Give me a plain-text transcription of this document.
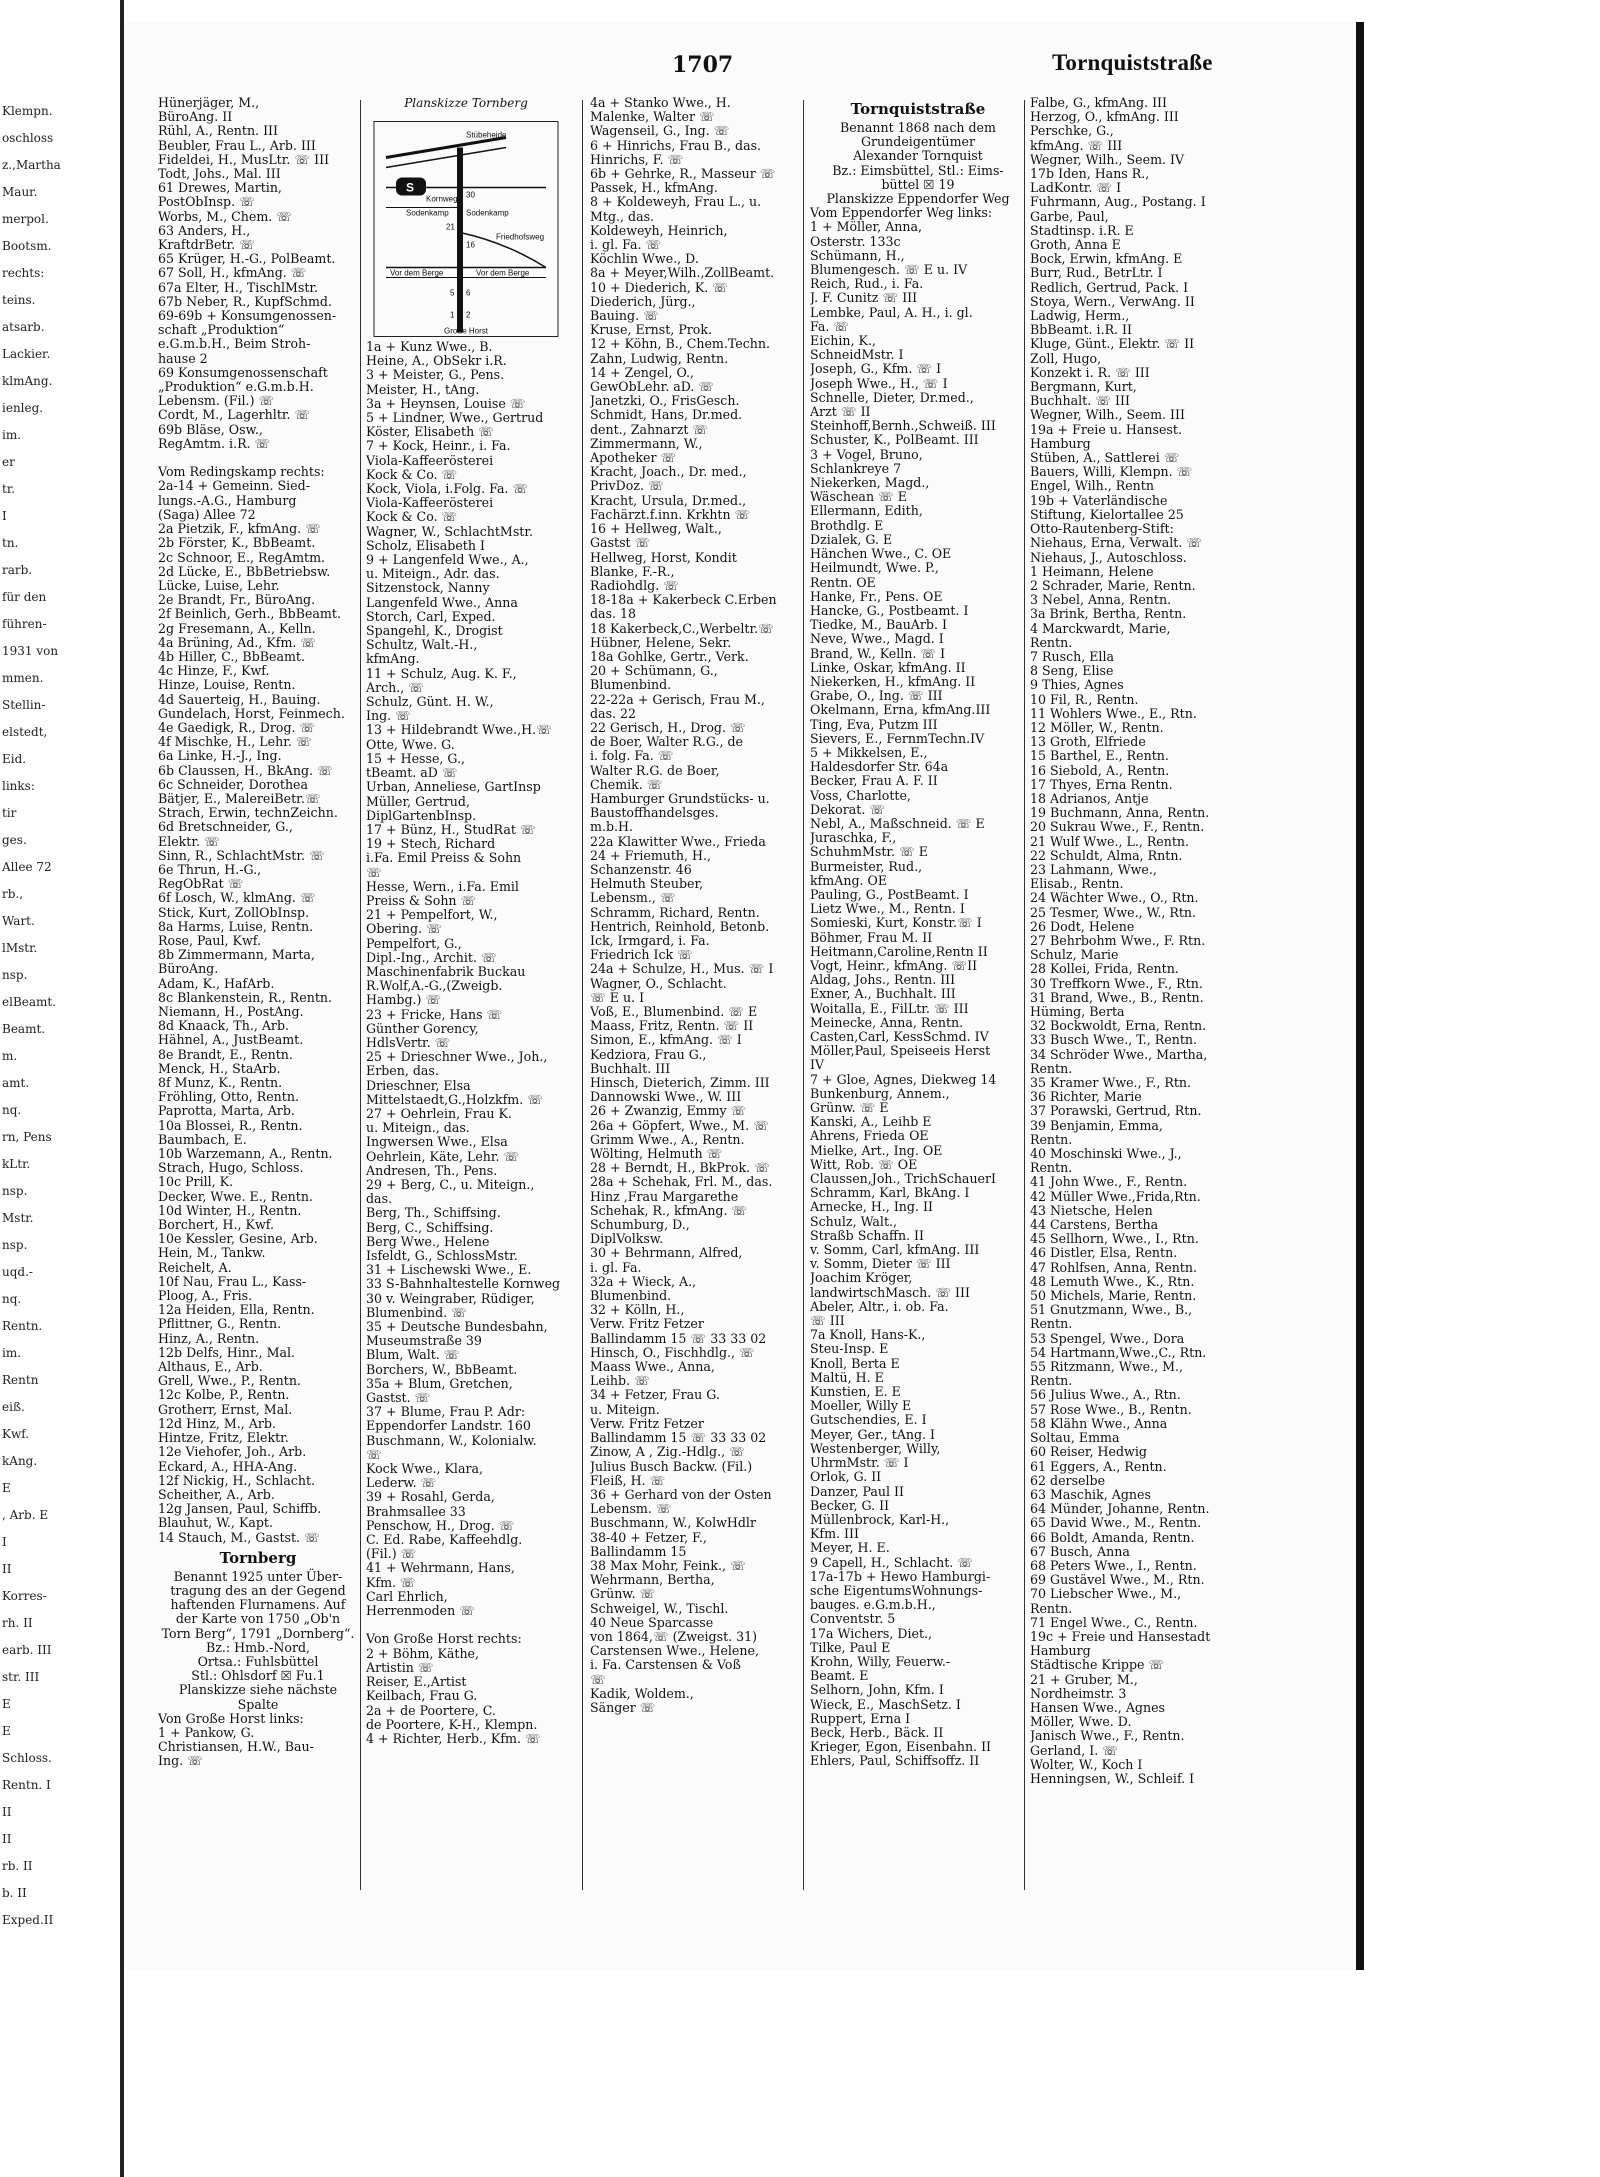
Klempn.
oschloss
z.,Martha
Maur.
merpol.
Bootsm.
rechts:
teins.
atsarb.
Lackier.
klmAng.
ienleg.
im.
er
tr.
I
tn.
rarb.
für den
führen-
1931 von
mmen.
Stellin-
elstedt,
Eid.
links:
tir
ges.
Allee 72
rb.,
Wart.
lMstr.
nsp.
elBeamt.
Beamt.
m.
amt.
nq.
rn, Pens
kLtr.
nsp.
Mstr.
nsp.
uqd.-
nq.
Rentn.
im.
Rentn
eiß.
Kwf.
kAng.
E
, Arb. E
I
II
Korres-
rh. II
earb. III
str. III
E
E
Schloss.
Rentn. I
II
II
rb. II
b. II
Exped.II
1707	Tornquiststraße

Hünerjäger, M.,

BüroAng. II

Rühl, A., Rentn. III

Beubler, Frau L., Arb. III

Fideldei, H., MusLtr. ☏ III

Todt, Johs., Mal. III

61 Drewes, Martin,

PostObInsp. ☏

Worbs, M., Chem. ☏

63 Anders, H.,

KraftdrBetr. ☏

65 Krüger, H.-G., PolBeamt.

67 Soll, H., kfmAng. ☏

67a Elter, H., TischlMstr.

67b Neber, R., KupfSchmd.

69-69b + Konsumgenossen-

schaft „Produktion“

e.G.m.b.H., Beim Stroh-

hause 2

69 Konsumgenossenschaft

„Produktion“ e.G.m.b.H.

Lebensm. (Fil.) ☏

Cordt, M., Lagerhltr. ☏

69b Bläse, Osw.,

RegAmtm. i.R. ☏

Vom Redingskamp rechts:

2a-14 + Gemeinn. Sied-

lungs.-A.G., Hamburg

(Saga) Allee 72

2a Pietzik, F., kfmAng. ☏

2b Förster, K., BbBeamt.

2c Schnoor, E., RegAmtm.

2d Lücke, E., BbBetriebsw.

Lücke, Luise, Lehr.

2e Brandt, Fr., BüroAng.

2f Beinlich, Gerh., BbBeamt.

2g Fresemann, A., Kelln.

4a Brüning, Ad., Kfm. ☏

4b Hiller, C., BbBeamt.

4c Hinze, F., Kwf.

Hinze, Louise, Rentn.

4d Sauerteig, H., Bauing.

Gundelach, Horst, Feinmech.

4e Gaedigk, R., Drog. ☏

4f Mischke, H., Lehr. ☏

6a Linke, H.-J., Ing.

6b Claussen, H., BkAng. ☏

6c Schneider, Dorothea

Bätjer, E., MalereiBetr.☏

Strach, Erwin, technZeichn.

6d Bretschneider, G.,

Elektr. ☏

Sinn, R., SchlachtMstr. ☏

6e Thrun, H.-G.,

RegObRat ☏

6f Losch, W., klmAng. ☏

Stick, Kurt, ZollObInsp.

8a Harms, Luise, Rentn.

Rose, Paul, Kwf.

8b Zimmermann, Marta,

BüroAng.

Adam, K., HafArb.

8c Blankenstein, R., Rentn.

Niemann, H., PostAng.

8d Knaack, Th., Arb.

Hähnel, A., JustBeamt.

8e Brandt, E., Rentn.

Menck, H., StaArb.

8f Munz, K., Rentn.

Fröhling, Otto, Rentn.

Paprotta, Marta, Arb.

10a Blossei, R., Rentn.

Baumbach, E.

10b Warzemann, A., Rentn.

Strach, Hugo, Schloss.

10c Prill, K.

Decker, Wwe. E., Rentn.

10d Winter, H., Rentn.

Borchert, H., Kwf.

10e Kessler, Gesine, Arb.

Hein, M., Tankw.

Reichelt, A.

10f Nau, Frau L., Kass-

Ploog, A., Fris.

12a Heiden, Ella, Rentn.

Pflittner, G., Rentn.

Hinz, A., Rentn.

12b Delfs, Hinr., Mal.

Althaus, E., Arb.

Grell, Wwe., P., Rentn.

12c Kolbe, P., Rentn.

Grotherr, Ernst, Mal.

12d Hinz, M., Arb.

Hintze, Fritz, Elektr.

12e Viehofer, Joh., Arb.

Eckard, A., HHA-Ang.

12f Nickig, H., Schlacht.

Scheither, A., Arb.

12g Jansen, Paul, Schiffb.

Blauhut, W., Kapt.

14 Stauch, M., Gastst. ☏

Tornberg

Benannt 1925 unter Über-

tragung des an der Gegend

haftenden Flurnamens. Auf

der Karte von 1750 „Ob'n

Torn Berg“, 1791 „Dornberg“.

Bz.: Hmb.-Nord,

Ortsa.: Fuhlsbüttel

Stl.: Ohlsdorf ☒ Fu.1

Planskizze siehe nächste

Spalte

Von Große Horst links:

1 + Pankow, G.

Christiansen, H.W., Bau-

Ing. ☏

Planskizze Tornberg

Stübeheide
S
Kornweg
Sodenkamp Sodenkamp
30
21
Friedhofsweg
16
Vor dem Berge	Vor dem Berge
5 6
1 2
Große Horst

1a + Kunz Wwe., B.

Heine, A., ObSekr i.R.

3 + Meister, G., Pens.

Meister, H., tAng.

3a + Heynsen, Louise ☏

5 + Lindner, Wwe., Gertrud

Köster, Elisabeth ☏

7 + Kock, Heinr., i. Fa.

Viola-Kaffeerösterei

Kock & Co. ☏

Kock, Viola, i.Folg. Fa. ☏

Viola-Kaffeerösterei

Kock & Co. ☏

Wagner, W., SchlachtMstr.

Scholz, Elisabeth I

9 + Langenfeld Wwe., A.,

u. Miteign., Adr. das.

Sitzenstock, Nanny

Langenfeld Wwe., Anna

Storch, Carl, Exped.

Spangehl, K., Drogist

Schultz, Walt.-H.,

kfmAng.

11 + Schulz, Aug. K. F.,

Arch., ☏

Schulz, Günt. H. W.,

Ing. ☏

13 + Hildebrandt Wwe.,H.☏

Otte, Wwe. G.

15 + Hesse, G.,

tBeamt. aD ☏

Urban, Anneliese, GartInsp

Müller, Gertrud,

DiplGartenbInsp.

17 + Bünz, H., StudRat ☏

19 + Stech, Richard

i.Fa. Emil Preiss & Sohn

☏

Hesse, Wern., i.Fa. Emil

Preiss & Sohn ☏

21 + Pempelfort, W.,

Obering. ☏

Pempelfort, G.,

Dipl.-Ing., Archit. ☏

Maschinenfabrik Buckau

R.Wolf,A.-G.,(Zweigb.

Hambg.) ☏

23 + Fricke, Hans ☏

Günther Gorency,

HdlsVertr. ☏

25 + Drieschner Wwe., Joh.,

Erben, das.

Drieschner, Elsa

Mittelstaedt,G.,Holzkfm. ☏

27 + Oehrlein, Frau K.

u. Miteign., das.

Ingwersen Wwe., Elsa

Oehrlein, Käte, Lehr. ☏

Andresen, Th., Pens.

29 + Berg, C., u. Miteign.,

das.

Berg, Th., Schiffsing.

Berg, C., Schiffsing.

Berg Wwe., Helene

Isfeldt, G., SchlossMstr.

31 + Lischewski Wwe., E.

33 S-Bahnhaltestelle Kornweg

30 v. Weingraber, Rüdiger,

Blumenbind. ☏

35 + Deutsche Bundesbahn,

Museumstraße 39

Blum, Walt. ☏

Borchers, W., BbBeamt.

35a + Blum, Gretchen,

Gastst. ☏

37 + Blume, Frau P. Adr:

Eppendorfer Landstr. 160

Buschmann, W., Kolonialw.

☏

Kock Wwe., Klara,

Lederw. ☏

39 + Rosahl, Gerda,

Brahmsallee 33

Penschow, H., Drog. ☏

C. Ed. Rabe, Kaffeehdlg.

(Fil.) ☏

41 + Wehrmann, Hans,

Kfm. ☏

Carl Ehrlich,

Herrenmoden ☏

Von Große Horst rechts:

2 + Böhm, Käthe,

Artistin ☏

Reiser, E.,Artist

Keilbach, Frau G.

2a + de Poortere, C.

de Poortere, K-H., Klempn.

4 + Richter, Herb., Kfm. ☏

4a + Stanko Wwe., H.

Malenke, Walter ☏

Wagenseil, G., Ing. ☏

6 + Hinrichs, Frau B., das.

Hinrichs, F. ☏

6b + Gehrke, R., Masseur ☏

Passek, H., kfmAng.

8 + Koldeweyh, Frau L., u.

Mtg., das.

Koldeweyh, Heinrich,

i. gl. Fa. ☏

Köchlin Wwe., D.

8a + Meyer,Wilh.,ZollBeamt.

10 + Diederich, K. ☏

Diederich, Jürg.,

Bauing. ☏

Kruse, Ernst, Prok.

12 + Köhn, B., Chem.Techn.

Zahn, Ludwig, Rentn.

14 + Zengel, O.,

GewObLehr. aD. ☏

Janetzki, O., FrisGesch.

Schmidt, Hans, Dr.med.

dent., Zahnarzt ☏

Zimmermann, W.,

Apotheker ☏

Kracht, Joach., Dr. med.,

PrivDoz. ☏

Kracht, Ursula, Dr.med.,

Fachärzt.f.inn. Krkhtn ☏

16 + Hellweg, Walt.,

Gastst ☏

Hellweg, Horst, Kondit

Blanke, F.-R.,

Radiohdlg. ☏

18-18a + Kakerbeck C.Erben

das. 18

18 Kakerbeck,C.,Werbeltr.☏

Hübner, Helene, Sekr.

18a Gohlke, Gertr., Verk.

20 + Schümann, G.,

Blumenbind.

22-22a + Gerisch, Frau M.,

das. 22

22 Gerisch, H., Drog. ☏

de Boer, Walter R.G., de

i. folg. Fa. ☏

Walter R.G. de Boer,

Chemik. ☏

Hamburger Grundstücks- u.

Baustoffhandelsges.

m.b.H.

22a Klawitter Wwe., Frieda

24 + Friemuth, H.,

Schanzenstr. 46

Helmuth Steuber,

Lebensm., ☏

Schramm, Richard, Rentn.

Hentrich, Reinhold, Betonb.

Ick, Irmgard, i. Fa.

Friedrich Ick ☏

24a + Schulze, H., Mus. ☏ I

Wagner, O., Schlacht.

☏ E u. I

Voß, E., Blumenbind. ☏ E

Maass, Fritz, Rentn. ☏ II

Simon, E., kfmAng. ☏ I

Kedziora, Frau G.,

Buchhalt. III

Hinsch, Dieterich, Zimm. III

Dannowski Wwe., W. III

26 + Zwanzig, Emmy ☏

26a + Göpfert, Wwe., M. ☏

Grimm Wwe., A., Rentn.

Wölting, Helmuth ☏

28 + Berndt, H., BkProk. ☏

28a + Schehak, Frl. M., das.

Hinz ,Frau Margarethe

Schehak, R., kfmAng. ☏

Schumburg, D.,

DiplVolksw.

30 + Behrmann, Alfred,

i. gl. Fa.

32a + Wieck, A.,

Blumenbind.

32 + Kölln, H.,

Verw. Fritz Fetzer

Ballindamm 15 ☏ 33 33 02

Hinsch, O., Fischhdlg., ☏

Maass Wwe., Anna,

Leihb. ☏

34 + Fetzer, Frau G.

u. Miteign.

Verw. Fritz Fetzer

Ballindamm 15 ☏ 33 33 02

Zinow, A , Zig.-Hdlg., ☏

Julius Busch Backw. (Fil.)

Fleiß, H. ☏

36 + Gerhard von der Osten

Lebensm. ☏

Buschmann, W., KolwHdlr

38-40 + Fetzer, F.,

Ballindamm 15

38 Max Mohr, Feink., ☏

Wehrmann, Bertha,

Grünw. ☏

Schweigel, W., Tischl.

40 Neue Sparcasse

von 1864,☏ (Zweigst. 31)

Carstensen Wwe., Helene,

i. Fa. Carstensen & Voß

☏

Kadik, Woldem.,

Sänger ☏

Tornquiststraße

Benannt 1868 nach dem

Grundeigentümer

Alexander Tornquist

Bz.: Eimsbüttel, Stl.: Eims-

büttel ☒ 19

Planskizze Eppendorfer Weg

Vom Eppendorfer Weg links:

1 + Möller, Anna,

Osterstr. 133c

Schümann, H.,

Blumengesch. ☏ E u. IV

Reich, Rud., i. Fa.

J. F. Cunitz ☏ III

Lembke, Paul, A. H., i. gl.

Fa. ☏

Eichin, K.,

SchneidMstr. I

Joseph, G., Kfm. ☏ I

Joseph Wwe., H., ☏ I

Schnelle, Dieter, Dr.med.,

Arzt ☏ II

Steinhoff,Bernh.,Schweiß. III

Schuster, K., PolBeamt. III

3 + Vogel, Bruno,

Schlankreye 7

Niekerken, Magd.,

Wäschean ☏ E

Ellermann, Edith,

Brothdlg. E

Dzialek, G. E

Hänchen Wwe., C. OE

Heilmundt, Wwe. P.,

Rentn. OE

Hanke, Fr., Pens. OE

Hancke, G., Postbeamt. I

Tiedke, M., BauArb. I

Neve, Wwe., Magd. I

Brand, W., Kelln. ☏ I

Linke, Oskar, kfmAng. II

Niekerken, H., kfmAng. II

Grabe, O., Ing. ☏ III

Okelmann, Erna, kfmAng.III

Ting, Eva, Putzm III

Sievers, E., FernmTechn.IV

5 + Mikkelsen, E.,

Haldesdorfer Str. 64a

Becker, Frau A. F. II

Voss, Charlotte,

Dekorat. ☏

Nebl, A., Maßschneid. ☏ E

Juraschka, F.,

SchuhmMstr. ☏ E

Burmeister, Rud.,

kfmAng. OE

Pauling, G., PostBeamt. I

Lietz Wwe., M., Rentn. I

Somieski, Kurt, Konstr.☏ I

Böhmer, Frau M. II

Heitmann,Caroline,Rentn II

Vogt, Heinr., kfmAng. ☏II

Aldag, Johs., Rentn. III

Exner, A., Buchhalt. III

Woitalla, E., FilLtr. ☏ III

Meinecke, Anna, Rentn.

Casten,Carl, KessSchmd. IV

Möller,Paul, Speiseeis Herst

IV

7 + Gloe, Agnes, Diekweg 14

Bunkenburg, Annem.,

Grünw. ☏ E

Kanski, A., Leihb E

Ahrens, Frieda OE

Mielke, Art., Ing. OE

Witt, Rob. ☏ OE

Claussen,Joh., TrichSchauerI

Schramm, Karl, BkAng. I

Arnecke, H., Ing. II

Schulz, Walt.,

Straßb Schaffn. II

v. Somm, Carl, kfmAng. III

v. Somm, Dieter ☏ III

Joachim Kröger,

landwirtschMasch. ☏ III

Abeler, Altr., i. ob. Fa.

☏ III

7a Knoll, Hans-K.,

Steu-Insp. E

Knoll, Berta E

Maltü, H. E

Kunstien, E. E

Moeller, Willy E

Gutschendies, E. I

Meyer, Ger., tAng. I

Westenberger, Willy,

UhrmMstr. ☏ I

Orlok, G. II

Danzer, Paul II

Becker, G. II

Müllenbrock, Karl-H.,

Kfm. III

Meyer, H. E.

9 Capell, H., Schlacht. ☏

17a-17b + Hewo Hamburgi-

sche EigentumsWohnungs-

bauges. e.G.m.b.H.,

Conventstr. 5

17a Wichers, Diet.,

Tilke, Paul E

Krohn, Willy, Feuerw.-

Beamt. E

Selhorn, John, Kfm. I

Wieck, E., MaschSetz. I

Ruppert, Erna I

Beck, Herb., Bäck. II

Krieger, Egon, Eisenbahn. II

Ehlers, Paul, Schiffsoffz. II

Falbe, G., kfmAng. III

Herzog, O., kfmAng. III

Perschke, G.,

kfmAng. ☏ III

Wegner, Wilh., Seem. IV

17b Iden, Hans R.,

LadKontr. ☏ I

Fuhrmann, Aug., Postang. I

Garbe, Paul,

Stadtinsp. i.R. E

Groth, Anna E

Bock, Erwin, kfmAng. E

Burr, Rud., BetrLtr. I

Redlich, Gertrud, Pack. I

Stoya, Wern., VerwAng. II

Ladwig, Herm.,

BbBeamt. i.R. II

Kluge, Günt., Elektr. ☏ II

Zoll, Hugo,

Konzekt i. R. ☏ III

Bergmann, Kurt,

Buchhalt. ☏ III

Wegner, Wilh., Seem. III

19a + Freie u. Hansest.

Hamburg

Stüben, A., Sattlerei ☏

Bauers, Willi, Klempn. ☏

Engel, Wilh., Rentn

19b + Vaterländische

Stiftung, Kielortallee 25

Otto-Rautenberg-Stift:

Niehaus, Erna, Verwalt. ☏

Niehaus, J., Autoschloss.

1 Heimann, Helene

2 Schrader, Marie, Rentn.

3 Nebel, Anna, Rentn.

3a Brink, Bertha, Rentn.

4 Marckwardt, Marie,

Rentn.

7 Rusch, Ella

8 Seng, Elise

9 Thies, Agnes

10 Fil, R., Rentn.

11 Wohlers Wwe., E., Rtn.

12 Möller, W., Rentn.

13 Groth, Elfriede

15 Barthel, E., Rentn.

16 Siebold, A., Rentn.

17 Thyes, Erna Rentn.

18 Adrianos, Antje

19 Buchmann, Anna, Rentn.

20 Sukrau Wwe., F., Rentn.

21 Wulf Wwe., L., Rentn.

22 Schuldt, Alma, Rntn.

23 Lahmann, Wwe.,

Elisab., Rentn.

24 Wächter Wwe., O., Rtn.

25 Tesmer, Wwe., W., Rtn.

26 Dodt, Helene

27 Behrbohm Wwe., F. Rtn.

Schulz, Marie

28 Kollei, Frida, Rentn.

30 Treffkorn Wwe., F., Rtn.

31 Brand, Wwe., B., Rentn.

Hüming, Berta

32 Bockwoldt, Erna, Rentn.

33 Busch Wwe., T., Rentn.

34 Schröder Wwe., Martha,

Rentn.

35 Kramer Wwe., F., Rtn.

36 Richter, Marie

37 Porawski, Gertrud, Rtn.

39 Benjamin, Emma,

Rentn.

40 Moschinski Wwe., J.,

Rentn.

41 John Wwe., F., Rentn.

42 Müller Wwe.,Frida,Rtn.

43 Nietsche, Helen

44 Carstens, Bertha

45 Sellhorn, Wwe., I., Rtn.

46 Distler, Elsa, Rentn.

47 Rohlfsen, Anna, Rentn.

48 Lemuth Wwe., K., Rtn.

50 Michels, Marie, Rentn.

51 Gnutzmann, Wwe., B.,

Rentn.

53 Spengel, Wwe., Dora

54 Hartmann,Wwe.,C., Rtn.

55 Ritzmann, Wwe., M.,

Rentn.

56 Julius Wwe., A., Rtn.

57 Rose Wwe., B., Rentn.

58 Klähn Wwe., Anna

Soltau, Emma

60 Reiser, Hedwig

61 Eggers, A., Rentn.

62 derselbe

63 Maschik, Agnes

64 Münder, Johanne, Rentn.

65 David Wwe., M., Rentn.

66 Boldt, Amanda, Rentn.

67 Busch, Anna

68 Peters Wwe., I., Rentn.

69 Gustävel Wwe., M., Rtn.

70 Liebscher Wwe., M.,

Rentn.

71 Engel Wwe., C., Rentn.

19c + Freie und Hansestadt

Hamburg

Städtische Krippe ☏

21 + Gruber, M.,

Nordheimstr. 3

Hansen Wwe., Agnes

Möller, Wwe. D.

Janisch Wwe., F., Rentn.

Gerland, I. ☏

Wolter, W., Koch I

Henningsen, W., Schleif. I
